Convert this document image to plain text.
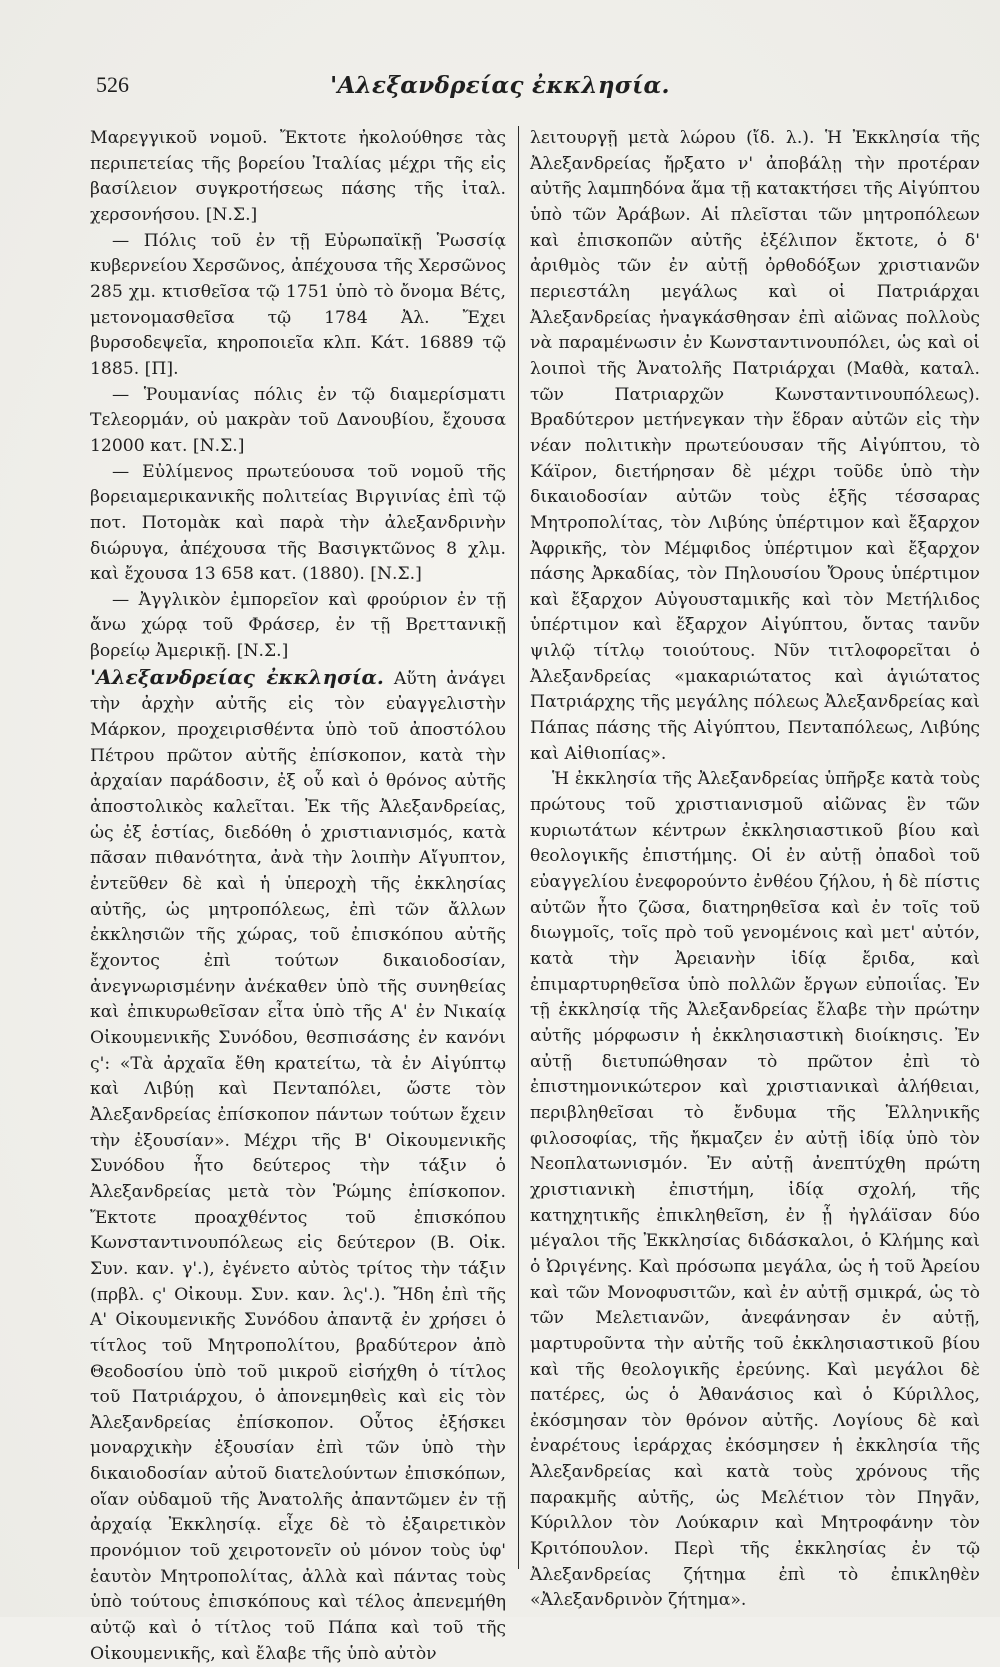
526	'Αλεξανδρείας ἐκκλησία.

Μαρεγγικοῦ νομοῦ. Ἔκτοτε ἠκολούθησε τὰς περιπετείας τῆς βορείου Ἰταλίας μέχρι τῆς εἰς βασίλειον συγκροτήσεως πάσης τῆς ἰταλ. χερσονήσου. [Ν.Σ.]

— Πόλις τοῦ ἐν τῇ Εὐρωπαϊκῇ Ῥωσσίᾳ κυβερνείου Χερσῶνος, ἀπέχουσα τῆς Χερσῶνος 285 χμ. κτισθεῖσα τῷ 1751 ὑπὸ τὸ ὄνομα Βέτς, μετονομασθεῖσα τῷ 1784 Ἀλ. Ἔχει βυρσοδεψεῖα, κηροποιεῖα κλπ. Κάτ. 16889 τῷ 1885. [Π].

— Ῥουμανίας πόλις ἐν τῷ διαμερίσματι Τελεορμάν, οὐ μακρὰν τοῦ Δανουβίου, ἔχουσα 12000 κατ. [Ν.Σ.]

— Εὐλίμενος πρωτεύουσα τοῦ νομοῦ τῆς βορειαμερικανικῆς πολιτείας Βιργινίας ἐπὶ τῷ ποτ. Ποτομὰκ καὶ παρὰ τὴν ἀλεξανδρινὴν διώρυγα, ἀπέχουσα τῆς Βασιγκτῶνος 8 χλμ. καὶ ἔχουσα 13 658 κατ. (1880). [Ν.Σ.]

— Ἀγγλικὸν ἐμπορεῖον καὶ φρούριον ἐν τῇ ἄνω χώρᾳ τοῦ Φράσερ, ἐν τῇ Βρεττανικῇ βορείῳ Ἀμερικῇ. [Ν.Σ.]

'Αλεξανδρείας ἐκκλησία. Αὕτη ἀνάγει τὴν ἀρχὴν αὐτῆς εἰς τὸν εὐαγγελιστὴν Μάρκον, προχειρισθέντα ὑπὸ τοῦ ἀποστόλου Πέτρου πρῶτον αὐτῆς ἐπίσκοπον, κατὰ τὴν ἀρχαίαν παράδοσιν, ἐξ οὗ καὶ ὁ θρόνος αὐτῆς ἀποστολικὸς καλεῖται. Ἐκ τῆς Ἀλεξανδρείας, ὡς ἐξ ἑστίας, διεδόθη ὁ χριστιανισμός, κατὰ πᾶσαν πιθανότητα, ἀνὰ τὴν λοιπὴν Αἴγυπτον, ἐντεῦθεν δὲ καὶ ἡ ὑπεροχὴ τῆς ἐκκλησίας αὐτῆς, ὡς μητροπόλεως, ἐπὶ τῶν ἄλλων ἐκκλησιῶν τῆς χώρας, τοῦ ἐπισκόπου αὐτῆς ἔχοντος ἐπὶ τούτων δικαιοδοσίαν, ἀνεγνωρισμένην ἀνέκαθεν ὑπὸ τῆς συνηθείας καὶ ἐπικυρωθεῖσαν εἶτα ὑπὸ τῆς Α' ἐν Νικαίᾳ Οἰκουμενικῆς Συνόδου, θεσπισάσης ἐν κανόνι ς': «Τὰ ἀρχαῖα ἔθη κρατείτω, τὰ ἐν Αἰγύπτῳ καὶ Λιβύῃ καὶ Πενταπόλει, ὥστε τὸν Ἀλεξανδρείας ἐπίσκοπον πάντων τούτων ἔχειν τὴν ἐξουσίαν». Μέχρι τῆς Β' Οἰκουμενικῆς Συνόδου ἦτο δεύτερος τὴν τάξιν ὁ Ἀλεξανδρείας μετὰ τὸν Ῥώμης ἐπίσκοπον. Ἔκτοτε προαχθέντος τοῦ ἐπισκόπου Κωνσταντινουπόλεως εἰς δεύτερον (Β. Οἰκ. Συν. καν. γ'.), ἐγένετο αὐτὸς τρίτος τὴν τάξιν (πρβλ. ς' Οἰκουμ. Συν. καν. λς'.). Ἤδη ἐπὶ τῆς Α' Οἰκουμενικῆς Συνόδου ἀπαντᾷ ἐν χρήσει ὁ τίτλος τοῦ Μητροπολίτου, βραδύτερον ἀπὸ Θεοδοσίου ὑπὸ τοῦ μικροῦ εἰσήχθη ὁ τίτλος τοῦ Πατριάρχου, ὁ ἀπονεμηθεὶς καὶ εἰς τὸν Ἀλεξανδρείας ἐπίσκοπον. Οὗτος ἐξήσκει μοναρχικὴν ἐξουσίαν ἐπὶ τῶν ὑπὸ τὴν δικαιοδοσίαν αὐτοῦ διατελούντων ἐπισκόπων, οἵαν οὐδαμοῦ τῆς Ἀνατολῆς ἀπαντῶμεν ἐν τῇ ἀρχαίᾳ Ἐκκλησίᾳ. εἶχε δὲ τὸ ἐξαιρετικὸν προνόμιον τοῦ χειροτονεῖν οὐ μόνον τοὺς ὑφ' ἑαυτὸν Μητροπολίτας, ἀλλὰ καὶ πάντας τοὺς ὑπὸ τούτους ἐπισκόπους καὶ τέλος ἀπενεμήθη αὐτῷ καὶ ὁ τίτλος τοῦ Πάπα καὶ τοῦ τῆς Οἰκουμενικῆς, καὶ ἔλαβε τῆς ὑπὸ αὐτὸν

λειτουργῇ μετὰ λώρου (ἴδ. λ.). Ἡ Ἐκκλησία τῆς Ἀλεξανδρείας ἤρξατο ν' ἀποβάλῃ τὴν προτέραν αὐτῆς λαμπηδόνα ἅμα τῇ κατακτήσει τῆς Αἰγύπτου ὑπὸ τῶν Ἀράβων. Αἱ πλεῖσται τῶν μητροπόλεων καὶ ἐπισκοπῶν αὐτῆς ἐξέλιπον ἔκτοτε, ὁ δ' ἀριθμὸς τῶν ἐν αὐτῇ ὀρθοδόξων χριστιανῶν περιεστάλη μεγάλως καὶ οἱ Πατριάρχαι Ἀλεξανδρείας ἠναγκάσθησαν ἐπὶ αἰῶνας πολλοὺς νὰ παραμένωσιν ἐν Κωνσταντινουπόλει, ὡς καὶ οἱ λοιποὶ τῆς Ἀνατολῆς Πατριάρχαι (Μαθὰ, καταλ. τῶν Πατριαρχῶν Κωνσταντινουπόλεως). Βραδύτερον μετήνεγκαν τὴν ἕδραν αὐτῶν εἰς τὴν νέαν πολιτικὴν πρωτεύουσαν τῆς Αἰγύπτου, τὸ Κάϊρον, διετήρησαν δὲ μέχρι τοῦδε ὑπὸ τὴν δικαιοδοσίαν αὐτῶν τοὺς ἑξῆς τέσσαρας Μητροπολίτας, τὸν Λιβύης ὑπέρτιμον καὶ ἔξαρχον Ἀφρικῆς, τὸν Μέμφιδος ὑπέρτιμον καὶ ἔξαρχον πάσης Ἀρκαδίας, τὸν Πηλουσίου Ὄρους ὑπέρτιμον καὶ ἔξαρχον Αὐγουσταμικῆς καὶ τὸν Μετήλιδος ὑπέρτιμον καὶ ἔξαρχον Αἰγύπτου, ὄντας τανῦν ψιλῷ τίτλῳ τοιούτους. Νῦν τιτλοφορεῖται ὁ Ἀλεξανδρείας «μακαριώτατος καὶ ἁγιώτατος Πατριάρχης τῆς μεγάλης πόλεως Ἀλεξανδρείας καὶ Πάπας πάσης τῆς Αἰγύπτου, Πενταπόλεως, Λιβύης καὶ Αἰθιοπίας».

Ἡ ἐκκλησία τῆς Ἀλεξανδρείας ὑπῆρξε κατὰ τοὺς πρώτους τοῦ χριστιανισμοῦ αἰῶνας ἓν τῶν κυριωτάτων κέντρων ἐκκλησιαστικοῦ βίου καὶ θεολογικῆς ἐπιστήμης. Οἱ ἐν αὐτῇ ὀπαδοὶ τοῦ εὐαγγελίου ἐνεφορούντο ἐνθέου ζήλου, ἡ δὲ πίστις αὐτῶν ἦτο ζῶσα, διατηρηθεῖσα καὶ ἐν τοῖς τοῦ διωγμοῖς, τοῖς πρὸ τοῦ γενομένοις καὶ μετ' αὐτόν, κατὰ τὴν Ἀρειανὴν ἰδίᾳ ἔριδα, καὶ ἐπιμαρτυρηθεῖσα ὑπὸ πολλῶν ἔργων εὐποιΐας. Ἐν τῇ ἐκκλησίᾳ τῆς Ἀλεξανδρείας ἔλαβε τὴν πρώτην αὐτῆς μόρφωσιν ἡ ἐκκλησιαστικὴ διοίκησις. Ἐν αὐτῇ διετυπώθησαν τὸ πρῶτον ἐπὶ τὸ ἐπιστημονικώτερον καὶ χριστιανικαὶ ἀλήθειαι, περιβληθεῖσαι τὸ ἔνδυμα τῆς Ἑλληνικῆς φιλοσοφίας, τῆς ἤκμαζεν ἐν αὐτῇ ἰδίᾳ ὑπὸ τὸν Νεοπλατωνισμόν. Ἐν αὐτῇ ἀνεπτύχθη πρώτη χριστιανικὴ ἐπιστήμη, ἰδίᾳ σχολή, τῆς κατηχητικῆς ἐπικληθεῖση, ἐν ᾗ ἠγλάϊσαν δύο μέγαλοι τῆς Ἐκκλησίας διδάσκαλοι, ὁ Κλήμης καὶ ὁ Ὠριγένης. Καὶ πρόσωπα μεγάλα, ὡς ἡ τοῦ Ἀρείου καὶ τῶν Μονοφυσιτῶν, καὶ ἐν αὐτῇ σμικρά, ὡς τὸ τῶν Μελετιανῶν, ἀνεφάνησαν ἐν αὐτῇ, μαρτυροῦντα τὴν αὐτῆς τοῦ ἐκκλησιαστικοῦ βίου καὶ τῆς θεολογικῆς ἐρεύνης. Καὶ μεγάλοι δὲ πατέρες, ὡς ὁ Ἀθανάσιος καὶ ὁ Κύριλλος, ἐκόσμησαν τὸν θρόνον αὐτῆς. Λογίους δὲ καὶ ἐναρέτους ἱεράρχας ἐκόσμησεν ἡ ἐκκλησία τῆς Ἀλεξανδρείας καὶ κατὰ τοὺς χρόνους τῆς παρακμῆς αὐτῆς, ὡς Μελέτιον τὸν Πηγᾶν, Κύριλλον τὸν Λούκαριν καὶ Μητροφάνην τὸν Κριτόπουλον. Περὶ τῆς ἐκκλησίας ἐν τῷ Ἀλεξανδρείας ζήτημα ἐπὶ τὸ ἐπικληθὲν «Ἀλεξανδρινὸν ζήτημα».
